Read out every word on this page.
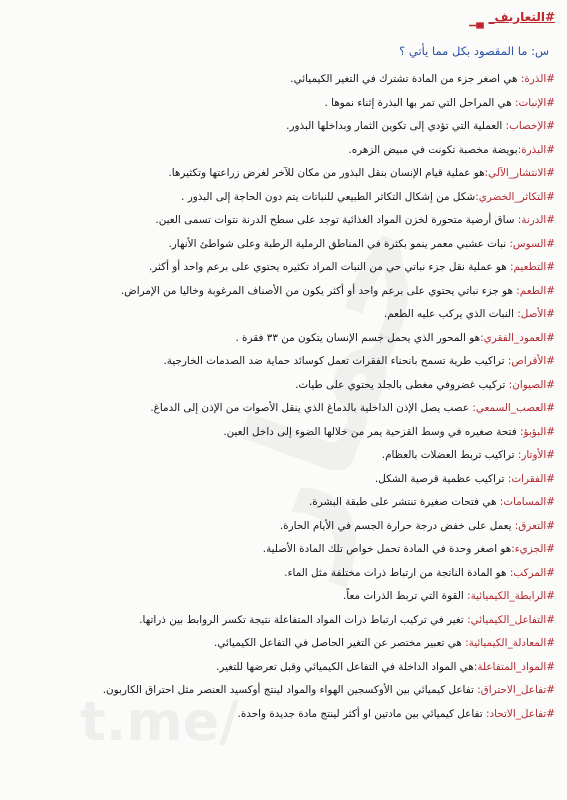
t.me/
#التعاريف_
س: ما المقصود بكل مما يأتي ؟
#الذرة: هي اصغر جزء من المادة تشترك في التغير الكيميائي.
#الإنبات: هي المراحل التي تمر بها البذرة إثناء نموها .
#الإخصاب: العملية التي تؤدي إلى تكوين الثمار وبداخلها البذور.
#البذرة:بويضة مخصبة تكونت في مبيض الزهره.
#الانتشار_الآلي:هو عملية قيام الإنسان بنقل البذور من مكان للآخر لغرض زراعتها وتكثيرها.
#التكاثر_الخضري:شكل من إشكال التكاثر الطبيعي للنباتات يتم دون الحاجة إلى البذور .
#الدرنة: ساق أرضية متحورة لخزن المواد الغذائية توجد على سطح الدرنة نتوات تسمى العين.
#السوس: نبات عشبي معمر ينمو بكثرة في المناطق الرملية الرطبة وعلى شواطئ الأنهار.
#التطعيم: هو عملية نقل جزء نباتي حي من النبات المراد تكثيره يحتوي على برعم واحد أو أكثر.
#الطعم: هو جزء نباتي يحتوي على برعم واحد أو أكثر يكون من الأصناف المرغوبة وخاليا من الإمراض.
#الأصل: النبات الذي يركب عليه الطعم.
#العمود_الفقري:هو المحور الذي يحمل جسم الإنسان يتكون من ٣٣ فقرة .
#الأقراص: تراكيب طرية تسمح بانحناء الفقرات تعمل كوسائد حماية ضد الصدمات الخارجية.
#الصيوان: تركيب غضروفي مغطى بالجلد يحتوي على طيات.
#العصب_السمعي: عصب يصل الإذن الداخلية بالدماغ الذي ينقل الأصوات من الإذن إلى الدماغ.
#البؤبؤ: فتحة صغيره في وسط القزحية يمر من خلالها الضوء إلى داخل العين.
#الأوتار: تراكيب تربط العضلات بالعظام.
#الفقرات: تراكيب عظمية قرصية الشكل.
#المسامات: هي فتحات صغيرة تنتشر على طبقة البشرة.
#التعرق: يعمل على خفض درجة حرارة الجسم في الأيام الحارة.
#الجزيء:هو اصغر وحدة في المادة تحمل خواص تلك المادة الأصلية.
#المركب: هو المادة الناتجة من ارتباط ذرات مختلفة مثل الماء.
#الرابطة_الكيميائية: القوة التي تربط الذرات معاً.
#التفاعل_الكيميائي: تغير في تركيب ارتباط ذرات المواد المتفاعلة نتيجة تكسر الروابط بين ذراتها.
#المعادلة_الكيميائية: هي تعبير مختصر عن التغير الحاصل في التفاعل الكيميائي.
#المواد_المتفاعلة:هي المواد الداخلة في التفاعل الكيميائي وقبل تعرضها للتغير.
#تفاعل_الاحتراق: تفاعل كيميائي بين الأوكسجين الهواء والمواد لينتج أوكسيد العنصر مثل احتراق الكاربون.
#تفاعل_الاتحاد: تفاعل كيميائي بين مادتين او أكثر لينتج مادة جديدة واحدة.
